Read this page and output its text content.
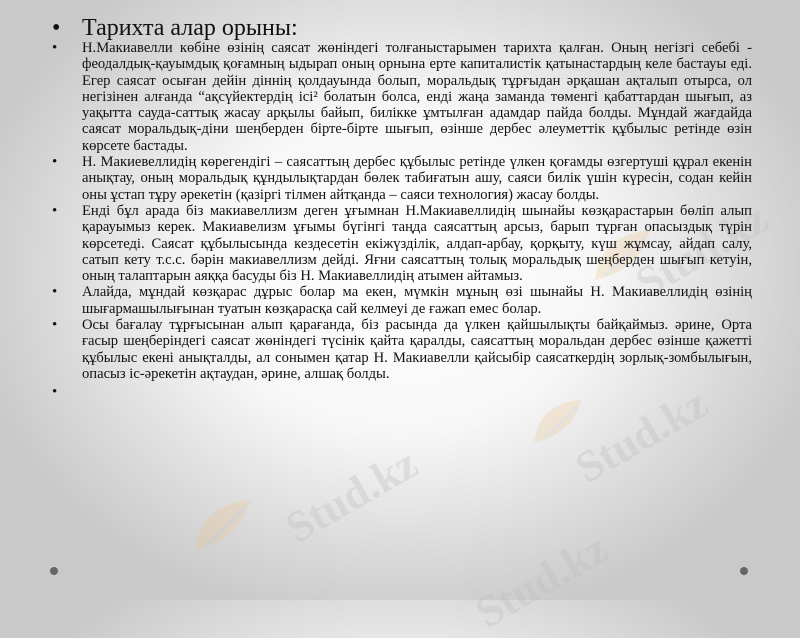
Stud.kz
Stud.kz
Stud.kz
Stud.kz
• Тарихта алар орыны:
• Н.Макиавелли көбіне өзінің саясат жөніндегі толғаныстарымен тарихта қалған. Оның негізгі себебі - феодалдық-қауымдық қоғамның ыдырап оның орнына ерте капиталистік қатынастардың келе бастауы еді. Егер саясат осыған дейін діннің қолдауында болып, моральдық тұрғыдан әрқашан ақталып отырса, ол негізінен алғанда “ақсүйектердің ісі² болатын болса, енді жаңа заманда төменгі қабаттардан шығып, аз уақытта сауда-саттық жасау арқылы байып, билікке ұмтылған адамдар пайда болды. Мұндай жағдайда саясат моральдық-діни шеңберден бірте-бірте шығып, өзінше дербес әлеуметтік құбылыс ретінде өзін көрсете бастады.
• Н. Макиевеллидің көрегендігі – саясаттың дербес құбылыс ретінде үлкен қоғамды өзгертуші құрал екенін анықтау, оның моральдық құндылықтардан бөлек табиғатын ашу, саяси билік үшін күресін, содан кейін оны ұстап тұру әрекетін (қазіргі тілмен айтқанда – саяси технология) жасау болды.
• Енді бұл арада біз макиавеллизм деген ұғымнан Н.Макиавеллидің шынайы көзқарастарын бөліп алып қарауымыз керек. Макиавелизм ұғымы бүгінгі таңда саясаттың арсыз, барып тұрған опасыздық түрін көрсетеді. Саясат құбылысында кездесетін екіжүзділік, алдап-арбау, қорқыту, күш жұмсау, айдап салу, сатып кету т.с.с. бәрін макиавеллизм дейді. Яғни саясаттың толық моральдық шеңберден шығып кетуін, оның талаптарын аяққа басуды біз Н. Макиавеллидің атымен айтамыз.
• Алайда, мұндай көзқарас дұрыс болар ма екен, мүмкін мұның өзі шынайы Н. Макиавеллидің өзінің шығармашылығынан туатын көзқарасқа сай келмеуі де ғажап емес болар.
• Осы бағалау тұрғысынан алып қарағанда, біз расында да үлкен қайшылықты байқаймыз. әрине, Орта ғасыр шеңберіндегі саясат жөніндегі түсінік қайта қаралды, саясаттың моральдан дербес өзінше қажетті құбылыс екені анықталды, ал сонымен қатар Н. Макиавелли қайсыбір саясаткердің зорлық-зомбылығын, опасыз іс-әрекетін ақтаудан, әрине, алшақ болды.
•
